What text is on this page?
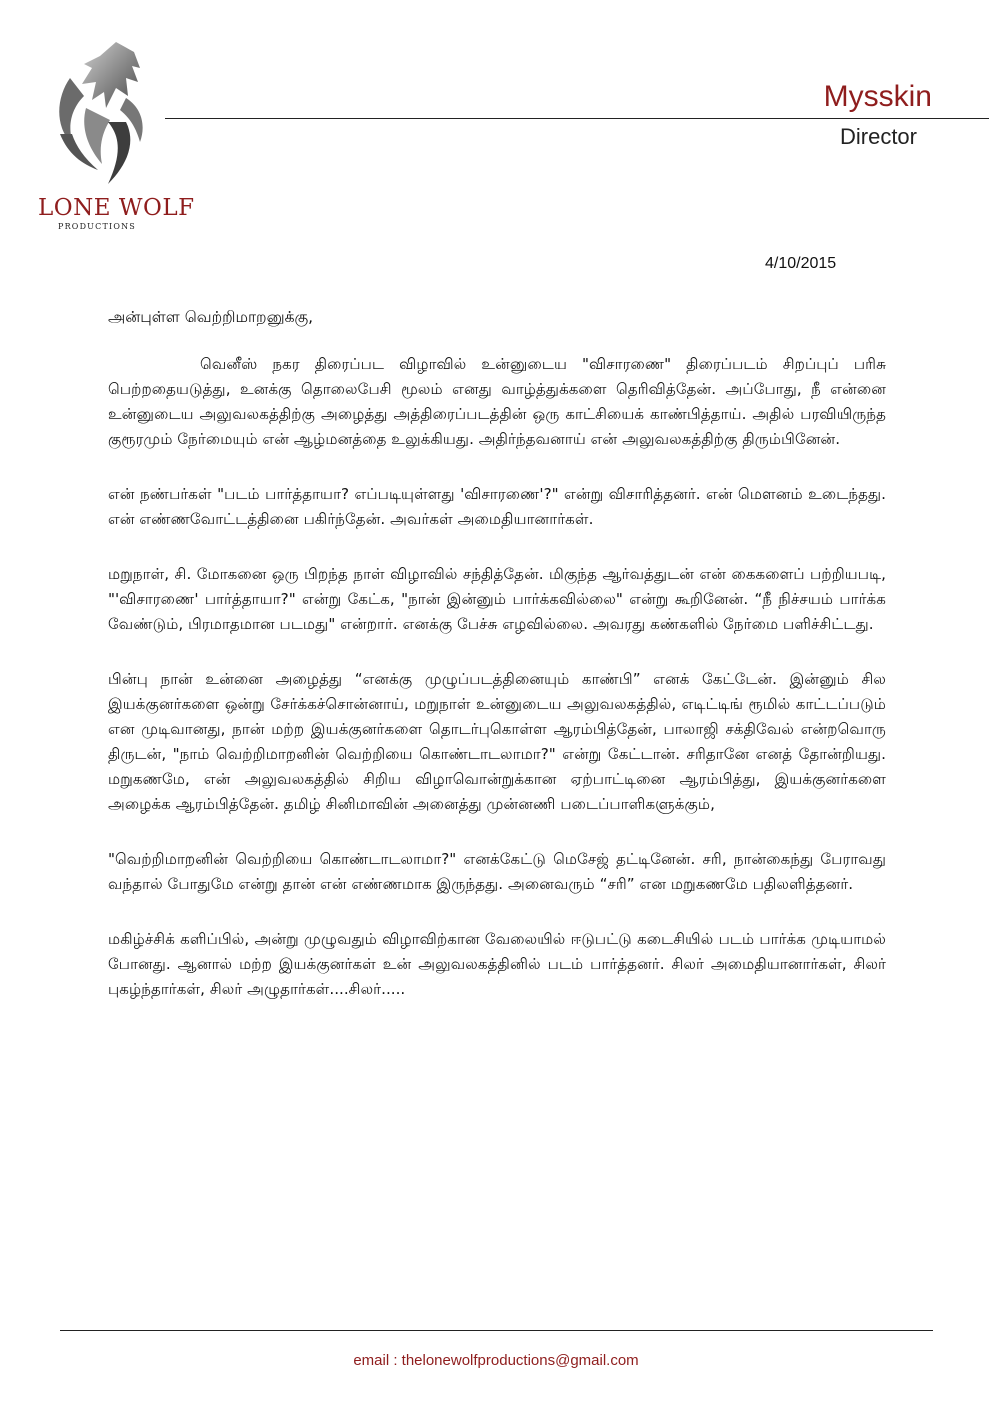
LONE WOLF
PRODUCTIONS
Mysskin
Director
4/10/2015
அன்புள்ள வெற்றிமாறனுக்கு,

வெனீஸ் நகர திரைப்பட விழாவில் உன்னுடைய "விசாரணை" திரைப்படம் சிறப்புப் பரிசு பெற்றதையடுத்து, உனக்கு தொலைபேசி மூலம் எனது வாழ்த்துக்களை தெரிவித்தேன். அப்போது, நீ என்னை உன்னுடைய அலுவலகத்திற்கு அழைத்து அத்திரைப்படத்தின் ஒரு காட்சியைக் காண்பித்தாய். அதில் பரவியிருந்த குரூரமும் நேர்மையும் என் ஆழ்மனத்தை உலுக்கியது. அதிர்ந்தவனாய் என் அலுவலகத்திற்கு திரும்பினேன்.

என் நண்பர்கள் "படம் பார்த்தாயா? எப்படியுள்ளது 'விசாரணை'?" என்று விசாரித்தனர். என் மௌனம் உடைந்தது. என் எண்ணவோட்டத்தினை பகிர்ந்தேன். அவர்கள் அமைதியானார்கள்.

மறுநாள், சி. மோகனை ஒரு பிறந்த நாள் விழாவில் சந்தித்தேன். மிகுந்த ஆர்வத்துடன் என் கைகளைப் பற்றியபடி, "'விசாரணை' பார்த்தாயா?" என்று கேட்க, "நான் இன்னும் பார்க்கவில்லை" என்று கூறினேன். “நீ நிச்சயம் பார்க்க வேண்டும், பிரமாதமான படமது" என்றார். எனக்கு பேச்சு எழவில்லை. அவரது கண்களில் நேர்மை பளிச்சிட்டது.

பின்பு நான் உன்னை அழைத்து “எனக்கு முழுப்படத்தினையும் காண்பி” எனக் கேட்டேன். இன்னும் சில இயக்குனர்களை ஒன்று சேர்க்கச்சொன்னாய், மறுநாள் உன்னுடைய அலுவலகத்தில், எடிட்டிங் ரூமில் காட்டப்படும் என முடிவானது, நான் மற்ற இயக்குனர்களை தொடர்புகொள்ள ஆரம்பித்தேன், பாலாஜி சக்திவேல் என்றவொரு திருடன், "நாம் வெற்றிமாறனின் வெற்றியை கொண்டாடலாமா?" என்று கேட்டான். சரிதானே எனத் தோன்றியது. மறுகணமே, என் அலுவலகத்தில் சிறிய விழாவொன்றுக்கான ஏற்பாட்டினை ஆரம்பித்து, இயக்குனர்களை அழைக்க ஆரம்பித்தேன். தமிழ் சினிமாவின் அனைத்து முன்னணி படைப்பாளிகளுக்கும்,

"வெற்றிமாறனின் வெற்றியை கொண்டாடலாமா?" எனக்கேட்டு மெசேஜ் தட்டினேன். சரி, நான்கைந்து பேராவது வந்தால் போதுமே என்று தான் என் எண்ணமாக இருந்தது. அனைவரும் “சரி” என மறுகணமே பதிலளித்தனர்.

மகிழ்ச்சிக் களிப்பில், அன்று முழுவதும் விழாவிற்கான வேலையில் ஈடுபட்டு கடைசியில் படம் பார்க்க முடியாமல் போனது. ஆனால் மற்ற இயக்குனர்கள் உன் அலுவலகத்தினில் படம் பார்த்தனர். சிலர் அமைதியானார்கள், சிலர் புகழ்ந்தார்கள், சிலர் அழுதார்கள்....சிலர்.....

email : thelonewolfproductions@gmail.com
